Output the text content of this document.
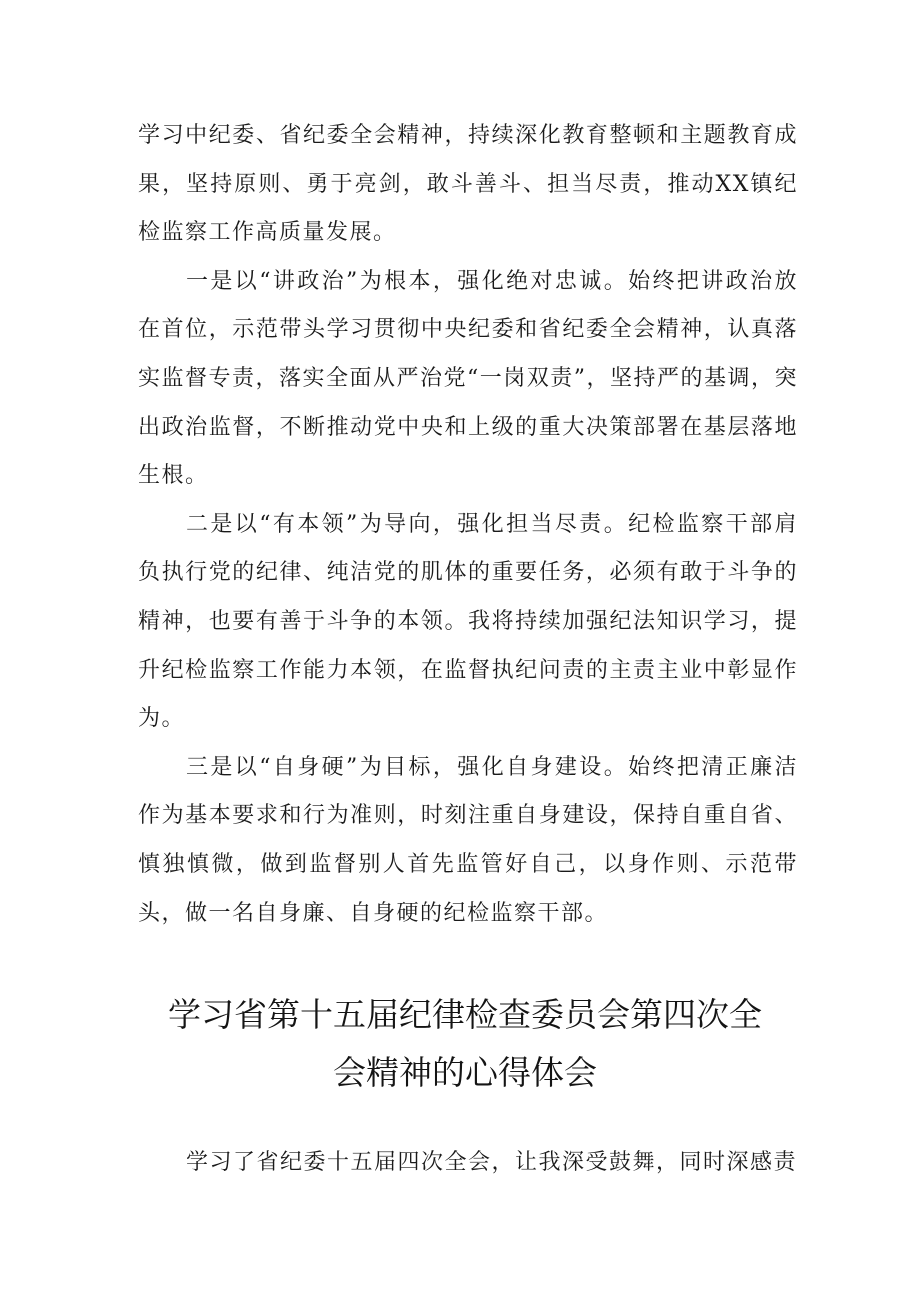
学习中纪委、省纪委全会精神，持续深化教育整顿和主题教育成果，坚持原则、勇于亮剑，敢斗善斗、担当尽责，推动XX镇纪检监察工作高质量发展。

一是以“讲政治”为根本，强化绝对忠诚。始终把讲政治放在首位，示范带头学习贯彻中央纪委和省纪委全会精神，认真落实监督专责，落实全面从严治党“一岗双责”，坚持严的基调，突出政治监督，不断推动党中央和上级的重大决策部署在基层落地生根。

二是以“有本领”为导向，强化担当尽责。纪检监察干部肩负执行党的纪律、纯洁党的肌体的重要任务，必须有敢于斗争的精神，也要有善于斗争的本领。我将持续加强纪法知识学习，提升纪检监察工作能力本领，在监督执纪问责的主责主业中彰显作为。

三是以“自身硬”为目标，强化自身建设。始终把清正廉洁作为基本要求和行为准则，时刻注重自身建设，保持自重自省、慎独慎微，做到监督别人首先监管好自己，以身作则、示范带头，做一名自身廉、自身硬的纪检监察干部。

学习省第十五届纪律检查委员会第四次全
会精神的心得体会

学习了省纪委十五届四次全会，让我深受鼓舞，同时深感责
